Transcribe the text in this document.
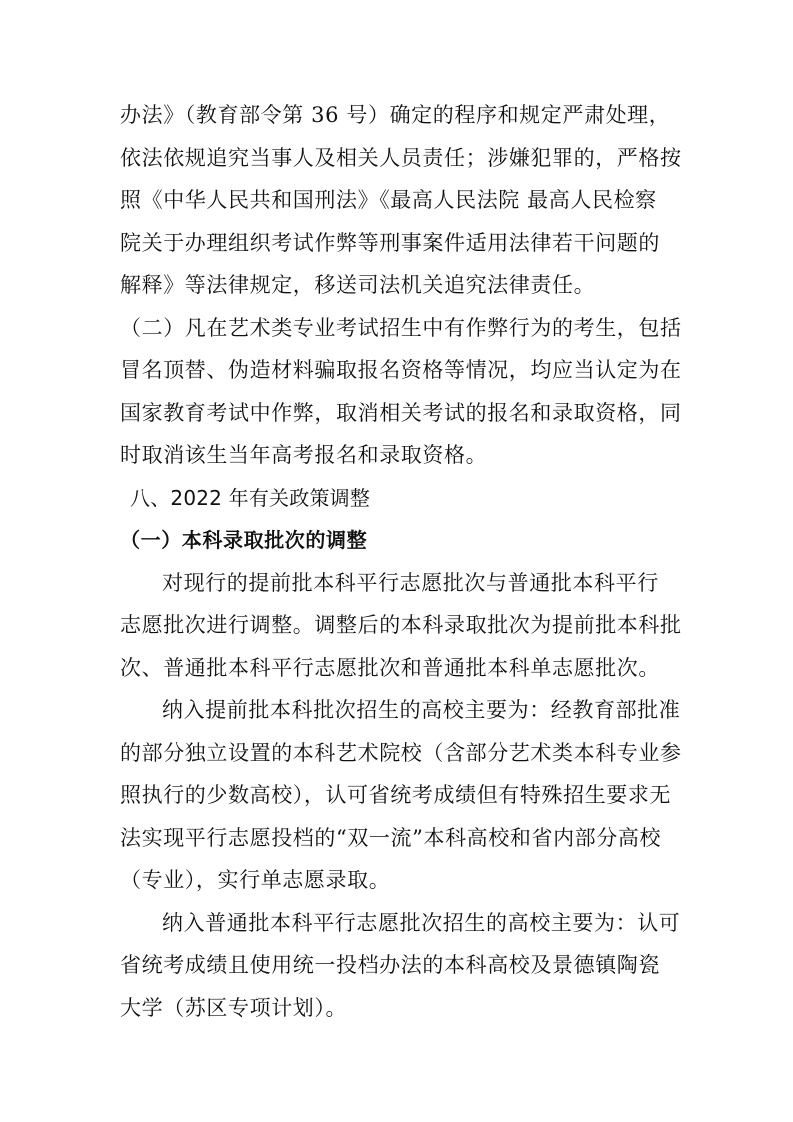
办法》（教育部令第 36 号）确定的程序和规定严肃处理，
依法依规追究当事人及相关人员责任；涉嫌犯罪的，严格按
照《中华人民共和国刑法》《最高人民法院 最高人民检察
院关于办理组织考试作弊等刑事案件适用法律若干问题的
解释》等法律规定，移送司法机关追究法律责任。
（二）凡在艺术类专业考试招生中有作弊行为的考生，包括
冒名顶替、伪造材料骗取报名资格等情况，均应当认定为在
国家教育考试中作弊，取消相关考试的报名和录取资格，同
时取消该生当年高考报名和录取资格。
八、2022 年有关政策调整
（一）本科录取批次的调整
对现行的提前批本科平行志愿批次与普通批本科平行
志愿批次进行调整。调整后的本科录取批次为提前批本科批
次、普通批本科平行志愿批次和普通批本科单志愿批次。
纳入提前批本科批次招生的高校主要为：经教育部批准
的部分独立设置的本科艺术院校（含部分艺术类本科专业参
照执行的少数高校），认可省统考成绩但有特殊招生要求无
法实现平行志愿投档的“双一流”本科高校和省内部分高校
（专业），实行单志愿录取。
纳入普通批本科平行志愿批次招生的高校主要为：认可
省统考成绩且使用统一投档办法的本科高校及景德镇陶瓷
大学（苏区专项计划）。
